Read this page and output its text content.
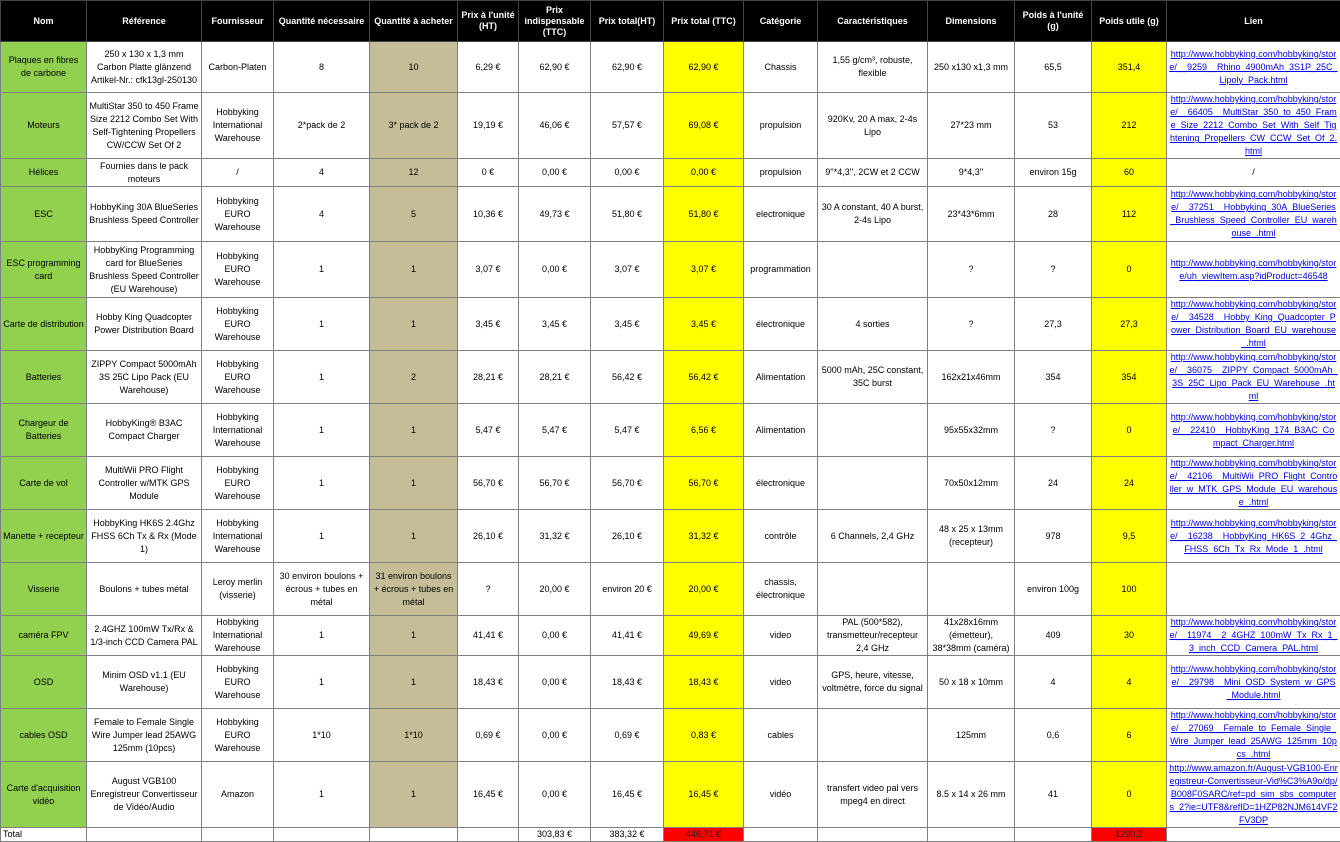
Nom	Référence	Fournisseur	Quantité nécessaire	Quantité à acheter	Prix à l'unité (HT)	Prix indispensable (TTC)	Prix total(HT)	Prix total (TTC)	Catégorie	Caractéristiques	Dimensions	Poids à l'unité (g)	Poids utile (g)	Lien
Plaques en fibres de carbone	250 x 130 x 1,3 mm Carbon Platte glänzend Artikel-Nr.: cfk13gl-250130	Carbon-Platen	8	10	6,29 €	62,90 €	62,90 €	62,90 €	Chassis	1,55 g/cm³, robuste, flexible	250 x130 x1,3 mm	65,5	351,4	http://www.hobbyking.com/hobbyking/store/__9259__Rhino_4900mAh_3S1P_25C_Lipoly_Pack.html
Moteurs	MultiStar 350 to 450 Frame Size 2212 Combo Set With Self-Tightening Propellers CW/CCW Set Of 2	Hobbyking International Warehouse	2*pack de 2	3* pack de 2	19,19 €	46,06 €	57,57 €	69,08 €	propulsion	920Kv, 20 A max, 2-4s Lipo	27*23 mm	53	212	http://www.hobbyking.com/hobbyking/store/__66405__MultiStar_350_to_450_Frame_Size_2212_Combo_Set_With_Self_Tightening_Propellers_CW_CCW_Set_Of_2.html
Hélices	Fournies dans le pack moteurs	/	4	12	0 €	0,00 €	0,00 €	0,00 €	propulsion	9''*4,3'', 2CW et 2 CCW	9*4,3''	environ 15g	60	/
ESC	HobbyKing 30A BlueSeries Brushless Speed Controller	Hobbyking EURO Warehouse	4	5	10,36 €	49,73 €	51,80 €	51,80 €	electronique	30 A constant, 40 A burst, 2-4s Lipo	23*43*6mm	28	112	http://www.hobbyking.com/hobbyking/store/__37251__Hobbyking_30A_BlueSeries_Brushless_Speed_Controller_EU_warehouse_.html
ESC programming card	HobbyKing Programming card for BlueSeries Brushless Speed Controller (EU Warehouse)	Hobbyking EURO Warehouse	1	1	3,07 €	0,00 €	3,07 €	3,07 €	programmation		?	?	0	http://www.hobbyking.com/hobbyking/store/uh_viewItem.asp?idProduct=46548
Carte de distribution	Hobby King Quadcopter Power Distribution Board	Hobbyking EURO Warehouse	1	1	3,45 €	3,45 €	3,45 €	3,45 €	électronique	4 sorties	?	27,3	27,3	http://www.hobbyking.com/hobbyking/store/__34528__Hobby_King_Quadcopter_Power_Distribution_Board_EU_warehouse_.html
Batteries	ZIPPY Compact 5000mAh 3S 25C Lipo Pack (EU Warehouse)	Hobbyking EURO Warehouse	1	2	28,21 €	28,21 €	56,42 €	56,42 €	Alimentation	5000 mAh, 25C constant, 35C burst	162x21x46mm	354	354	http://www.hobbyking.com/hobbyking/store/__36075__ZIPPY_Compact_5000mAh_3S_25C_Lipo_Pack_EU_Warehouse_.html
Chargeur de Batteries	HobbyKing® B3AC Compact Charger	Hobbyking International Warehouse	1	1	5,47 €	5,47 €	5,47 €	6,56 €	Alimentation		95x55x32mm	?	0	http://www.hobbyking.com/hobbyking/store/__22410__HobbyKing_174_B3AC_Compact_Charger.html
Carte de vol	MultiWii PRO Flight Controller w/MTK GPS Module	Hobbyking EURO Warehouse	1	1	56,70 €	56,70 €	56,70 €	56,70 €	électronique		70x50x12mm	24	24	http://www.hobbyking.com/hobbyking/store/__42106__MultiWii_PRO_Flight_Controller_w_MTK_GPS_Module_EU_warehouse_.html
Manette + recepteur	HobbyKing HK6S 2.4Ghz FHSS 6Ch Tx & Rx (Mode 1)	Hobbyking International Warehouse	1	1	26,10 €	31,32 €	26,10 €	31,32 €	contrôle	6 Channels, 2,4 GHz	48 x 25 x 13mm (recepteur)	978	9,5	http://www.hobbyking.com/hobbyking/store/__16238__HobbyKing_HK6S_2_4Ghz_FHSS_6Ch_Tx_Rx_Mode_1_.html
Visserie	Boulons + tubes métal	Leroy merlin (visserie)	30 environ boulons + écrous + tubes en métal	31 environ boulons + écrous + tubes en métal	?	20,00 €	environ 20 €	20,00 €	chassis, électronique			environ 100g	100	
caméra FPV	2.4GHZ 100mW Tx/Rx & 1/3-inch CCD Camera PAL	Hobbyking International Warehouse	1	1	41,41 €	0,00 €	41,41 €	49,69 €	video	PAL (500*582), transmetteur/recepteur 2,4 GHz	41x28x16mm (émetteur), 38*38mm (caméra)	409	30	http://www.hobbyking.com/hobbyking/store/__11974__2_4GHZ_100mW_Tx_Rx_1_3_inch_CCD_Camera_PAL.html
OSD	Minim OSD v1.1 (EU Warehouse)	Hobbyking EURO Warehouse	1	1	18,43 €	0,00 €	18,43 €	18,43 €	video	GPS, heure, vitesse, voltmètre, force du signal	50 x 18 x 10mm	4	4	http://www.hobbyking.com/hobbyking/store/__29798__Mini_OSD_System_w_GPS_Module.html
cables OSD	Female to Female Single Wire Jumper lead 25AWG 125mm (10pcs)	Hobbyking EURO Warehouse	1*10	1*10	0,69 €	0,00 €	0,69 €	0,83 €	cables		125mm	0,6	6	http://www.hobbyking.com/hobbyking/store/__27069__Female_to_Female_Single_Wire_Jumper_lead_25AWG_125mm_10pcs_.html
Carte d'acquisition vidéo	August VGB100 Enregistreur Convertisseur de Vidéo/Audio	Amazon	1	1	16,45 €	0,00 €	16,45 €	16,45 €	vidéo	transfert video pal vers mpeg4 en direct	8.5 x 14 x 26 mm	41	0	http://www.amazon.fr/August-VGB100-Enregistreur-Convertisseur-Vid%C3%A9o/dp/B008F0SARC/ref=pd_sim_sbs_computers_2?ie=UTF8&refID=1HZP82NJM614VF2FV3DP
Total						303,83 €	383,32 €	446,71 €					1290,2	
